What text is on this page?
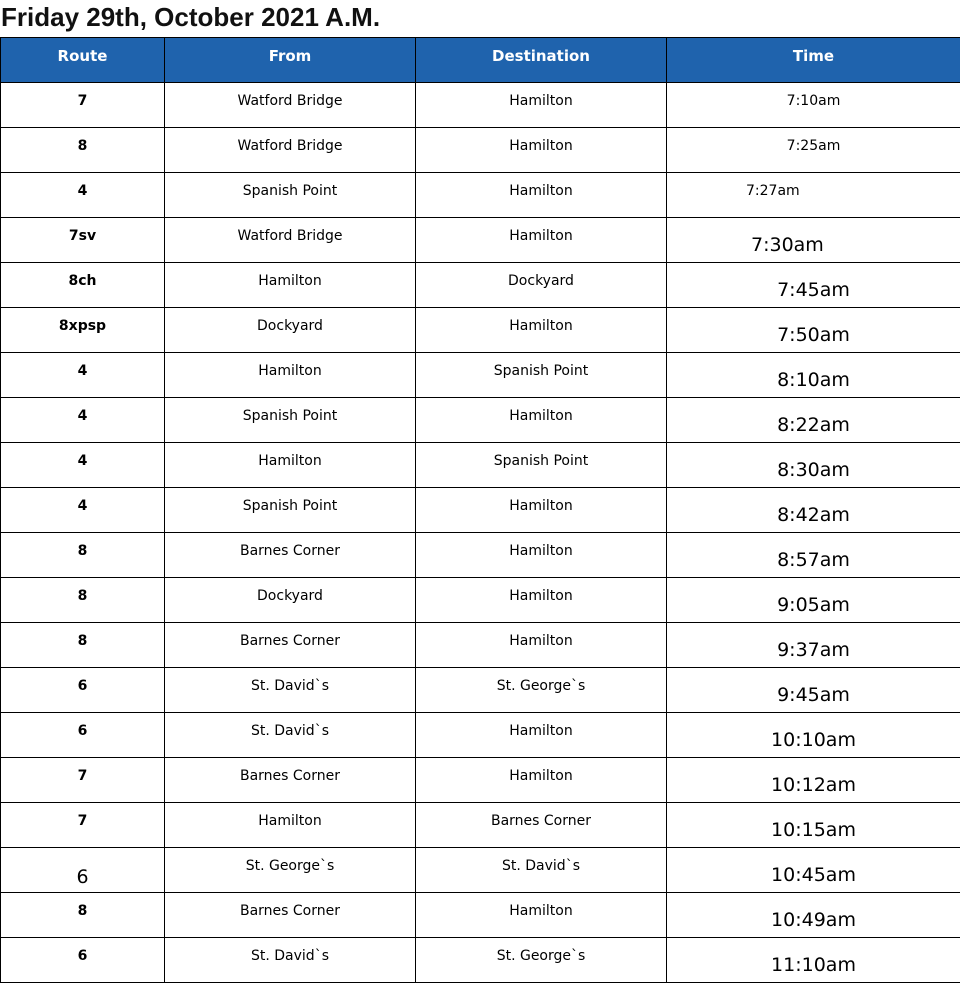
Friday 29th, October 2021 A.M.
Route	From	Destination	Time
7	Watford Bridge	Hamilton	7:10am
8	Watford Bridge	Hamilton	7:25am
4	Spanish Point	Hamilton	7:27am
7sv	Watford Bridge	Hamilton	7:30am
8ch	Hamilton	Dockyard	7:45am
8xpsp	Dockyard	Hamilton	7:50am
4	Hamilton	Spanish Point	8:10am
4	Spanish Point	Hamilton	8:22am
4	Hamilton	Spanish Point	8:30am
4	Spanish Point	Hamilton	8:42am
8	Barnes Corner	Hamilton	8:57am
8	Dockyard	Hamilton	9:05am
8	Barnes Corner	Hamilton	9:37am
6	St. David`s	St. George`s	9:45am
6	St. David`s	Hamilton	10:10am
7	Barnes Corner	Hamilton	10:12am
7	Hamilton	Barnes Corner	10:15am
6	St. George`s	St. David`s	10:45am
8	Barnes Corner	Hamilton	10:49am
6	St. David`s	St. George`s	11:10am
